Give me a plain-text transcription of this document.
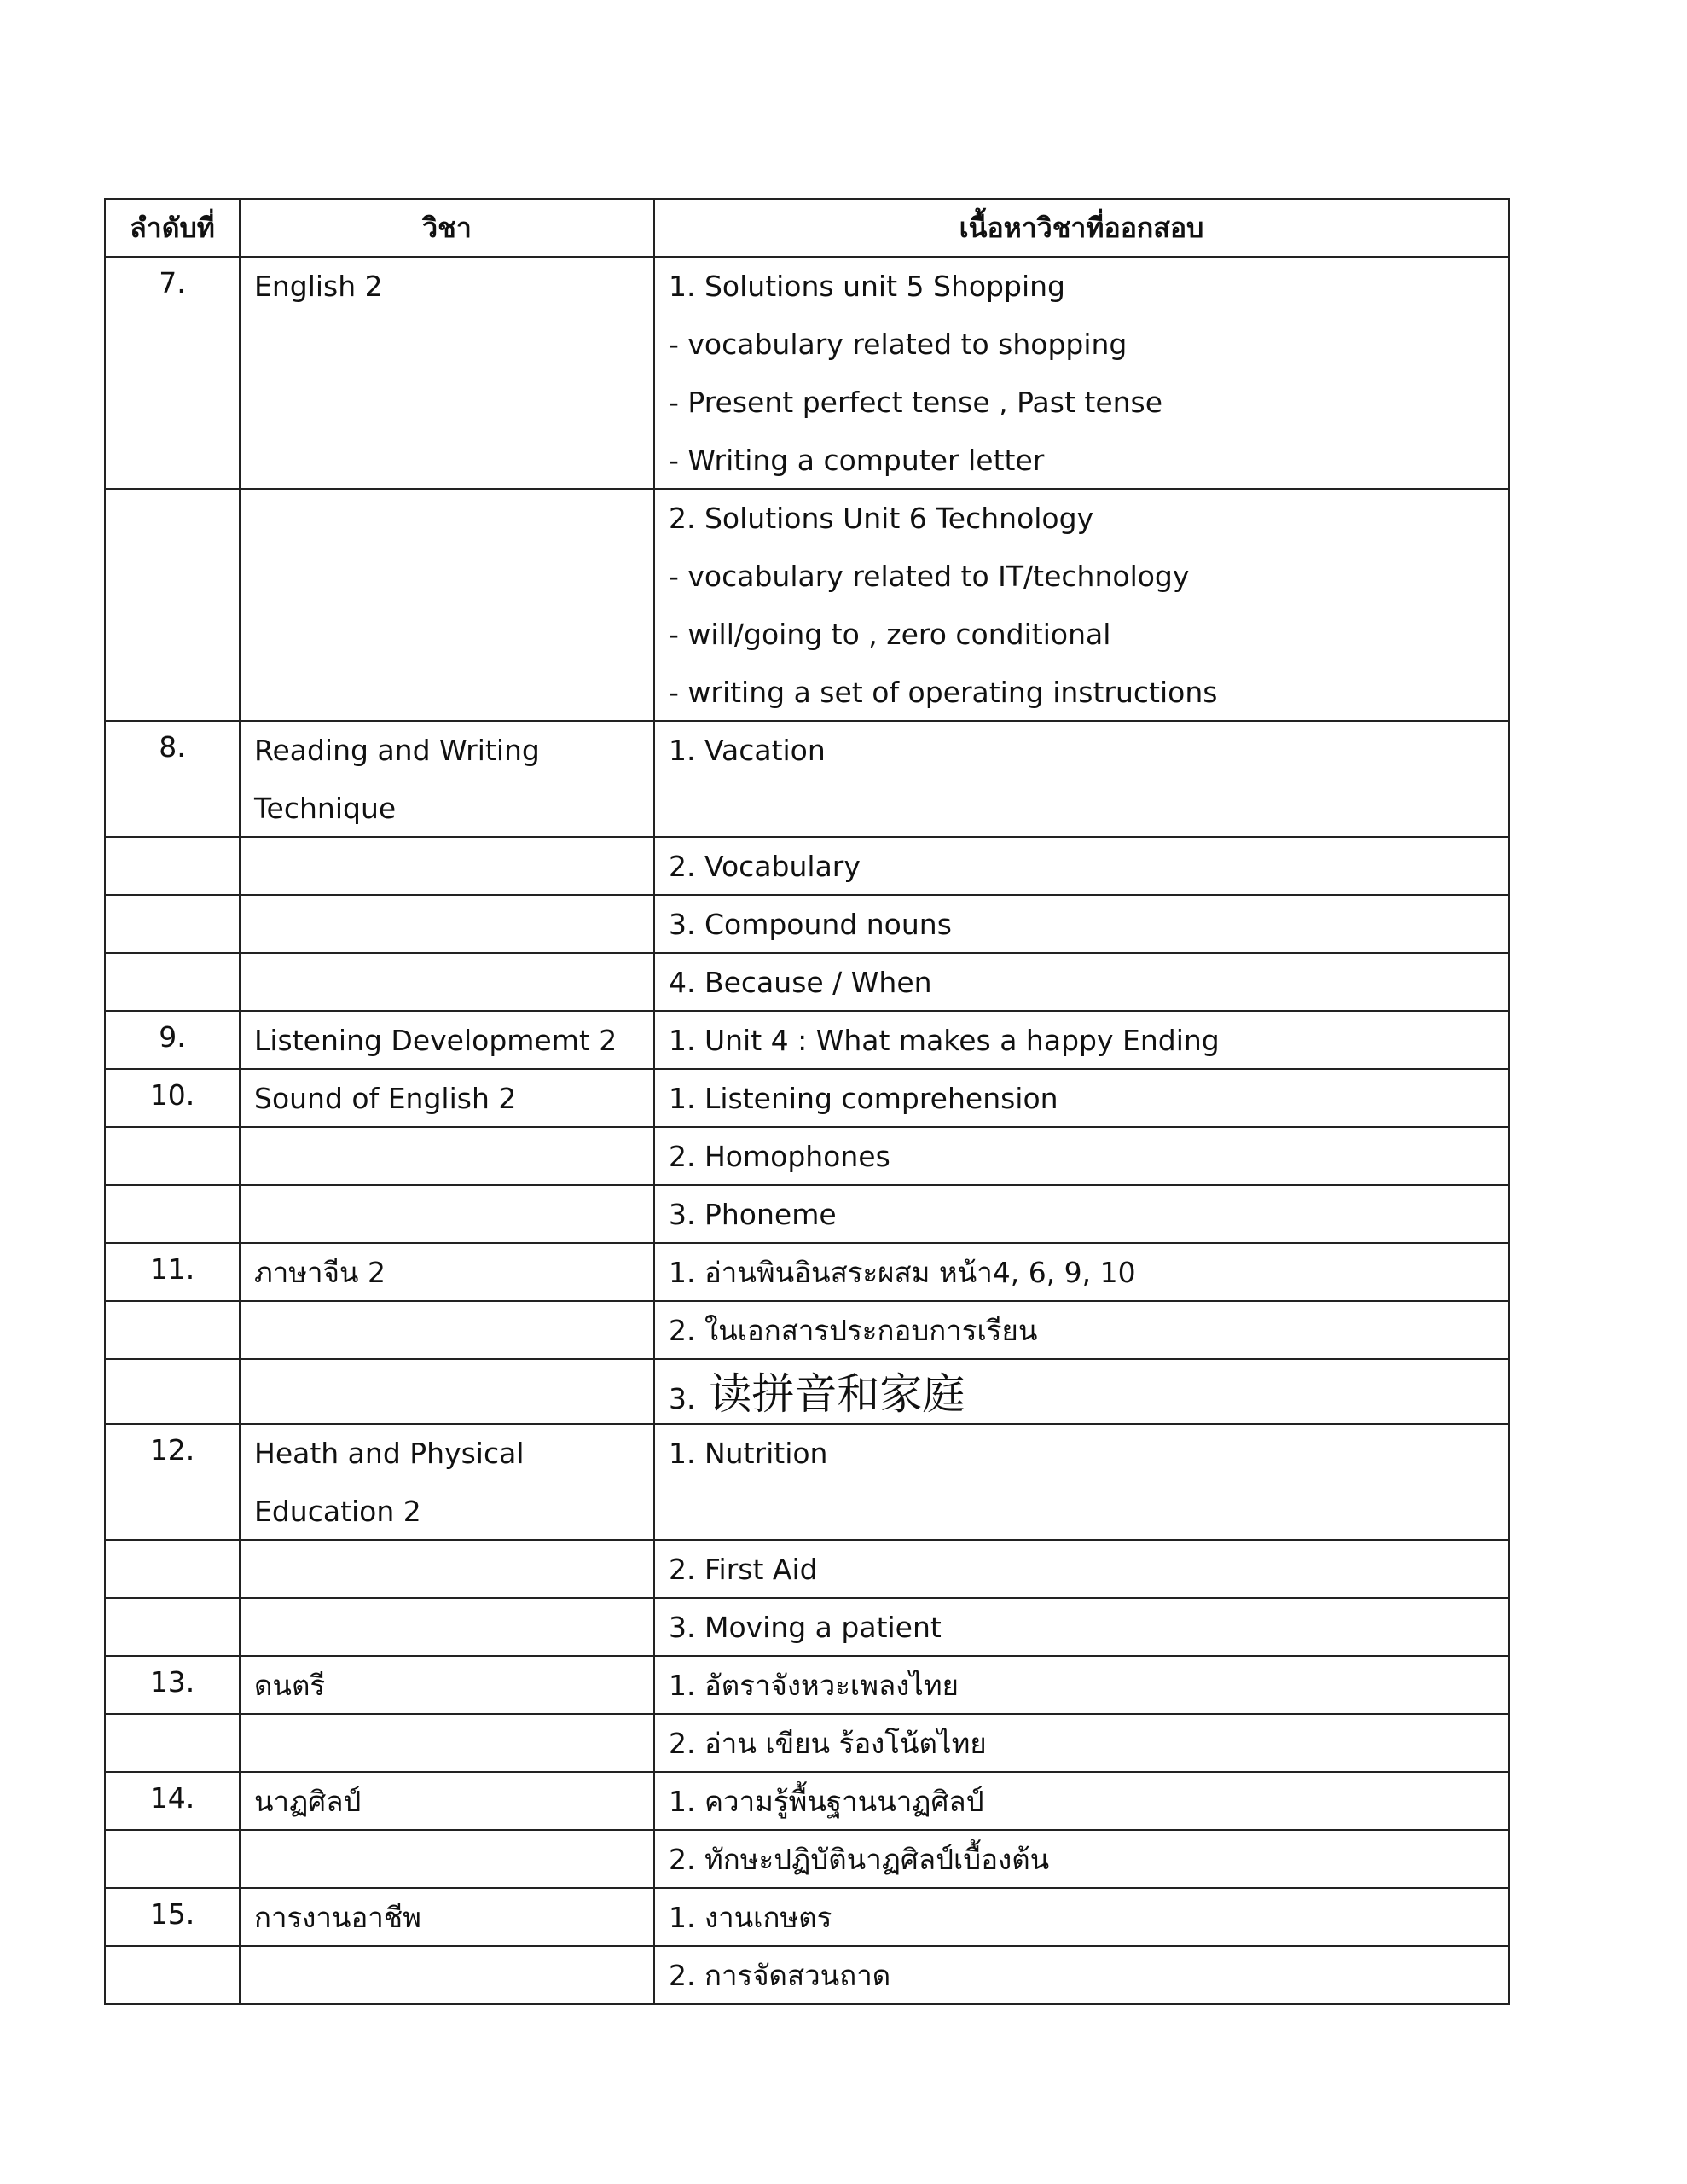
ลำดับที่	วิชา	เนื้อหาวิชาที่ออกสอบ
7.	English 2	1. Solutions unit 5 Shopping
- vocabulary related to shopping
- Present perfect tense , Past tense
- Writing a computer letter

		2. Solutions Unit 6 Technology
- vocabulary related to IT/technology
- will/going to , zero conditional
- writing a set of operating instructions

8.	Reading and Writing
Technique	1. Vacation

		2. Vocabulary

		3. Compound nouns

		4. Because / When

9.	Listening Developmemt 2	1. Unit 4 : What makes a happy Ending

10.	Sound of English 2	1. Listening comprehension

		2. Homophones

		3. Phoneme

11.	ภาษาจีน 2	1. อ่านพินอินสระผสม หน้า4, 6, 9, 10

		2. ในเอกสารประกอบการเรียน

		3. 读拼音和家庭

12.	Heath and Physical
Education 2	1. Nutrition

		2. First Aid

		3. Moving a patient

13.	ดนตรี	1. อัตราจังหวะเพลงไทย

		2. อ่าน เขียน ร้องโน้ตไทย

14.	นาฏศิลป์	1. ความรู้พื้นฐานนาฏศิลป์

		2. ทักษะปฏิบัตินาฏศิลป์เบื้องต้น

15.	การงานอาชีพ	1. งานเกษตร

		2. การจัดสวนถาด
